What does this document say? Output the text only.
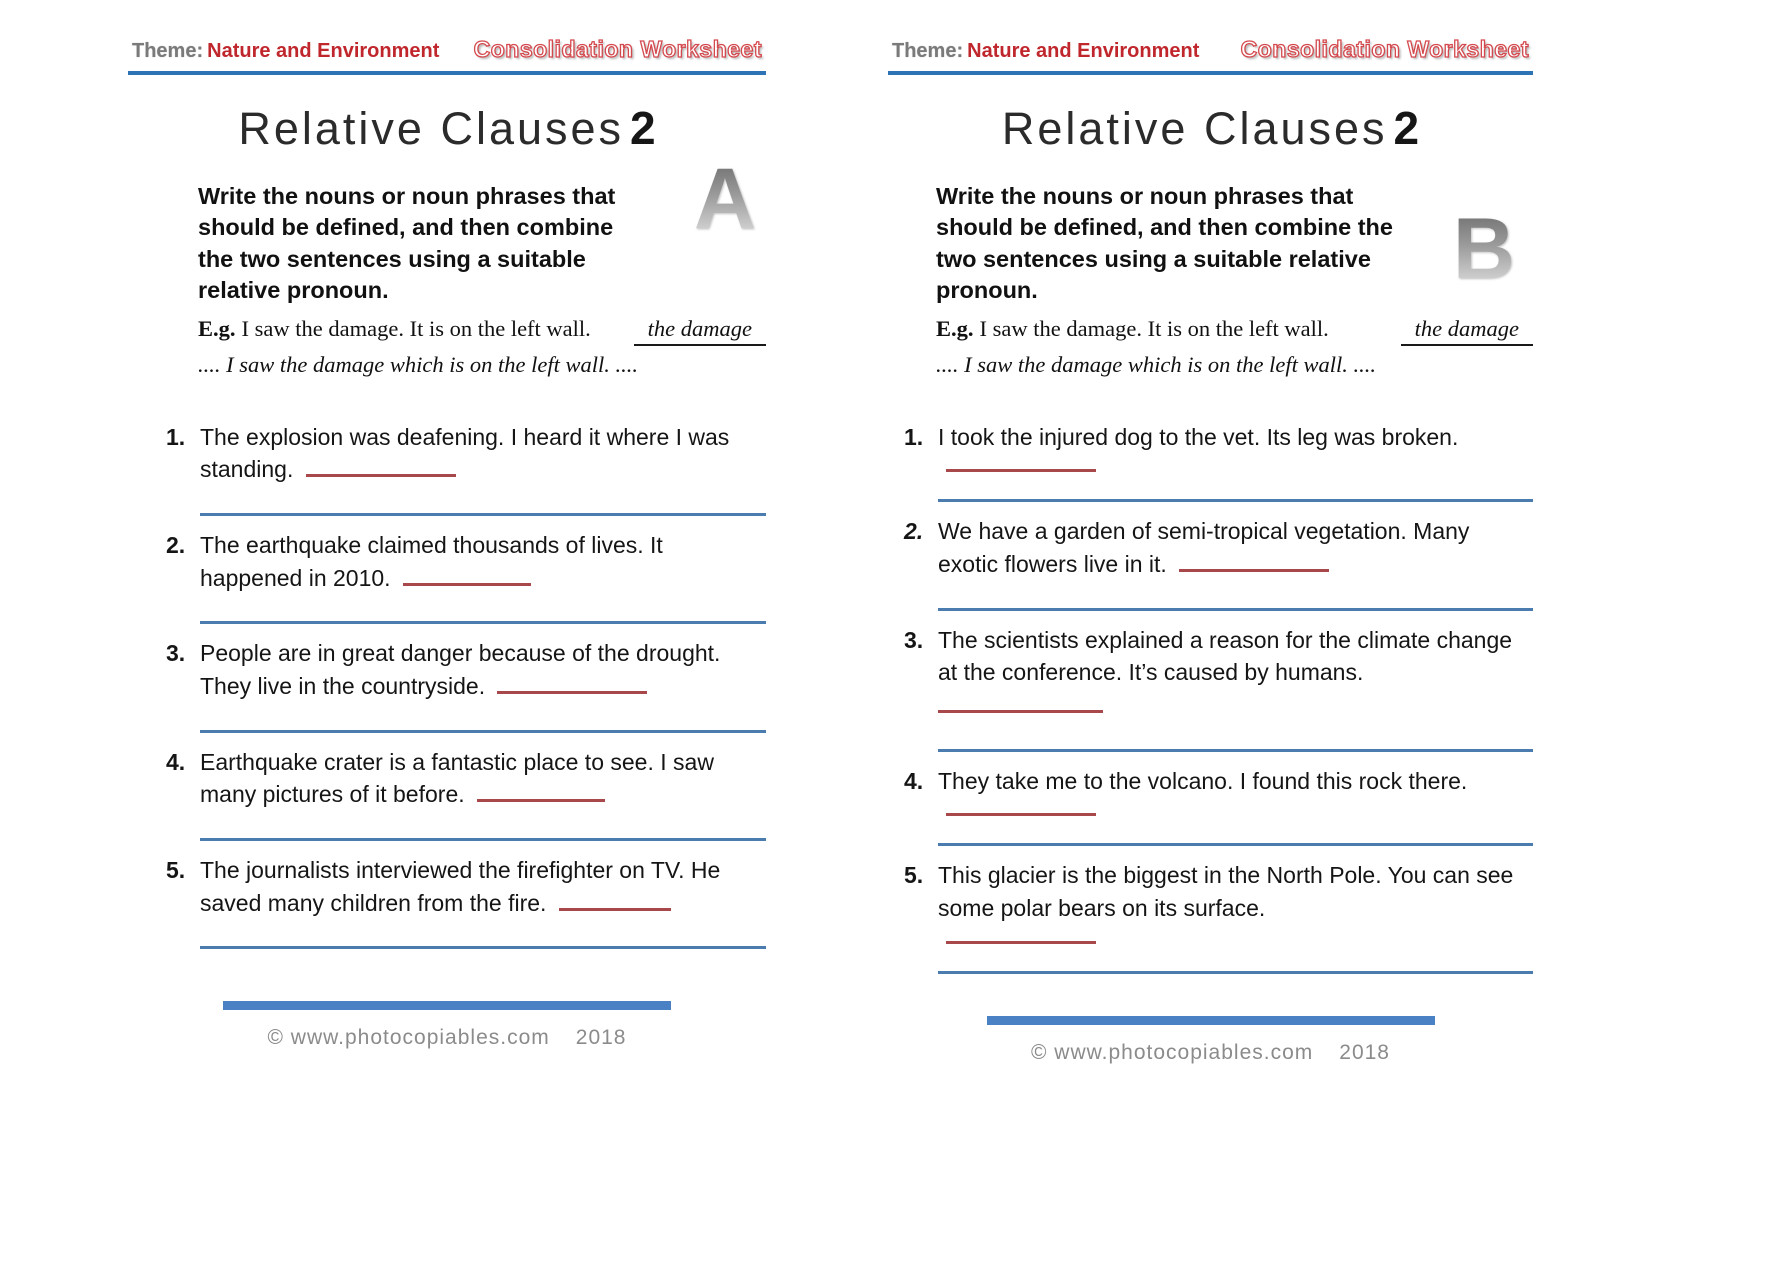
Theme: Nature and Environment Consolidation Worksheet
Relative Clauses 2
A
Write the nouns or noun phrases that
should be defined, and then combine
the two sentences using a suitable
relative pronoun.
E.g. I saw the damage. It is on the left wall.	the damage
.... I saw the damage which is on the left wall. ....
1. The explosion was deafening. I heard it where I was standing.
2. The earthquake claimed thousands of lives. It happened in 2010.
3. People are in great danger because of the drought. They live in the countryside.
4. Earthquake crater is a fantastic place to see. I saw many pictures of it before.
5. The journalists interviewed the firefighter on TV. He saved many children from the fire.
© www.photocopiables.com 2018
Theme: Nature and Environment Consolidation Worksheet
Relative Clauses 2
B
Write the nouns or noun phrases that
should be defined, and then combine the
two sentences using a suitable relative
pronoun.
E.g. I saw the damage. It is on the left wall.	the damage
.... I saw the damage which is on the left wall. ....
1. I took the injured dog to the vet. Its leg was broken.
2. We have a garden of semi-tropical vegetation. Many exotic flowers live in it.
3. The scientists explained a reason for the climate change at the conference. It’s caused by humans.
4. They take me to the volcano. I found this rock there.
5. This glacier is the biggest in the North Pole. You can see some polar bears on its surface.
© www.photocopiables.com 2018
